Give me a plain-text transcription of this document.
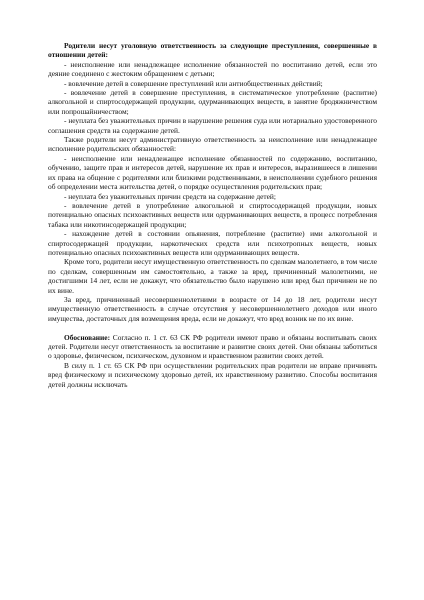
Родители несут уголовную ответственность за следующие преступления, совершенные в отношении детей:

- неисполнение или ненадлежащее исполнение обязанностей по воспитанию детей, если это деяние соединено с жестоким обращением с детьми;

- вовлечение детей в совершение преступлений или антиобщественных действий;

- вовлечение детей в совершение преступления, в систематическое употребление (распитие) алкогольной и спиртосодержащей продукции, одурманивающих веществ, в занятие бродяжничеством или попрошайничеством;

- неуплата без уважительных причин в нарушение решения суда или нотариально удостоверенного соглашения средств на содержание детей.

Также родители несут административную ответственность за неисполнение или ненадлежащее исполнение родительских обязанностей:

- неисполнение или ненадлежащее исполнение обязанностей по содержанию, воспитанию, обучению, защите прав и интересов детей, нарушение их прав и интересов, выразившееся в лишении их права на общение с родителями или близкими родственниками, в неисполнении судебного решения об определении места жительства детей, о порядке осуществления родительских прав;

- неуплата без уважительных причин средств на содержание детей;

- вовлечение детей в употребление алкогольной и спиртосодержащей продукции, новых потенциально опасных психоактивных веществ или одурманивающих веществ, в процесс потребления табака или никотинсодержащей продукции;

- нахождение детей в состоянии опьянения, потребление (распитие) ими алкогольной и спиртосодержащей продукции, наркотических средств или психотропных веществ, новых потенциально опасных психоактивных веществ или одурманивающих веществ.

Кроме того, родители несут имущественную ответственность по сделкам малолетнего, в том числе по сделкам, совершенным им самостоятельно, а также за вред, причиненный малолетними, не достигшими 14 лет, если не докажут, что обязательство было нарушено или вред был причинен не по их вине.

За вред, причиненный несовершеннолетними в возрасте от 14 до 18 лет, родители несут имущественную ответственность в случае отсутствия у несовершеннолетнего доходов или иного имущества, достаточных для возмещения вреда, если не докажут, что вред возник не по их вине.

Обоснование: Согласно п. 1 ст. 63 СК РФ родители имеют право и обязаны воспитывать своих детей. Родители несут ответственность за воспитание и развитие своих детей. Они обязаны заботиться о здоровье, физическом, психическом, духовном и нравственном развитии своих детей.

В силу п. 1 ст. 65 СК РФ при осуществлении родительских прав родители не вправе причинять вред физическому и психическому здоровью детей, их нравственному развитию. Способы воспитания детей должны исключать
